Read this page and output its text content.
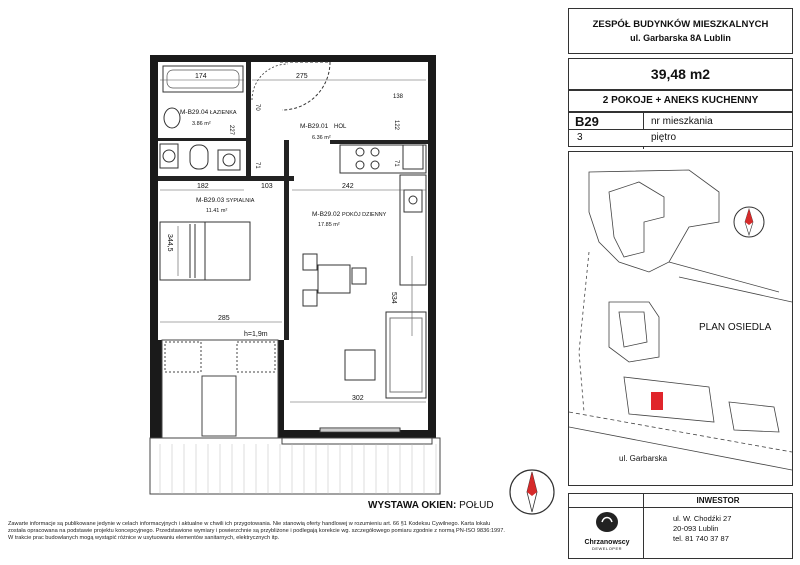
M-B29.04 ŁAZIENKA
3.86 m²	M-B29.01 HOL
6.36 m²
M-B29.03 SYPIALNIA
11.41 m²	M-B29.02 POKÓJ DZIENNY
17.85 m²
174	275
138
122
70
227
71	71
182	103	242
344,5
534
285
h=1,9m
302
WYSTAWA OKIEN: POŁUD
Zawarte informacje są publikowane jedynie w celach informacyjnych i aktualne w chwili ich przygotowania. Nie stanowią oferty handlowej w rozumieniu art. 66 §1 Kodeksu Cywilnego. Karta lokalu
została opracowana na podstawie projektu koncepcyjnego. Przedstawione wymiary i powierzchnie są przybliżone i podlegają korekcie wg. szczegółowego pomiaru zgodnie z normą PN-ISO 9836:1997.
W trakcie prac budowlanych mogą wystąpić różnice w usytuowaniu elementów sanitarnych, elektrycznych itp.
ZESPÓŁ BUDYNKÓW MIESZKALNYCH
ul. Garbarska 8A Lublin
39,48 m2
2 POKOJE + ANEKS KUCHENNY
B29	nr mieszkania
3	piętro
PLAN OSIEDLA
ul. Garbarska
INWESTOR
Chrzanowscy
DEWELOPER
ul. W. Chodźki 27
20-093 Lublin
tel. 81 740 37 87
